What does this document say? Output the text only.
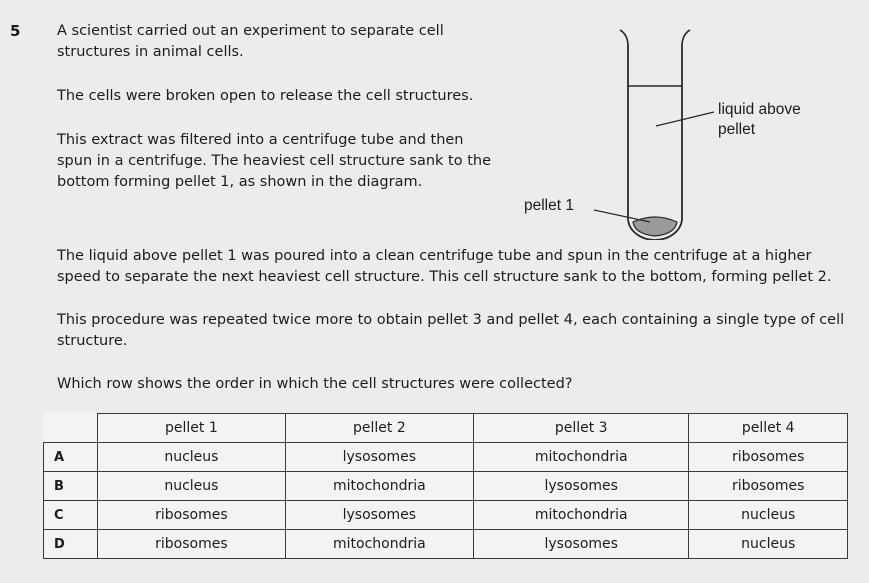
5	A scientist carried out an experiment to separate cell structures in animal cells.

The cells were broken open to release the cell structures.

This extract was filtered into a centrifuge tube and then spun in a centrifuge. The heaviest cell structure sank to the bottom forming pellet 1, as shown in the diagram.

liquid above
pellet
pellet 1

The liquid above pellet 1 was poured into a clean centrifuge tube and spun in the centrifuge at a higher speed to separate the next heaviest cell structure. This cell structure sank to the bottom, forming pellet 2.

This procedure was repeated twice more to obtain pellet 3 and pellet 4, each containing a single type of cell structure.

Which row shows the order in which the cell structures were collected?

	pellet 1	pellet 2	pellet 3	pellet 4
A	nucleus	lysosomes	mitochondria	ribosomes
B	nucleus	mitochondria	lysosomes	ribosomes
C	ribosomes	lysosomes	mitochondria	nucleus
D	ribosomes	mitochondria	lysosomes	nucleus
